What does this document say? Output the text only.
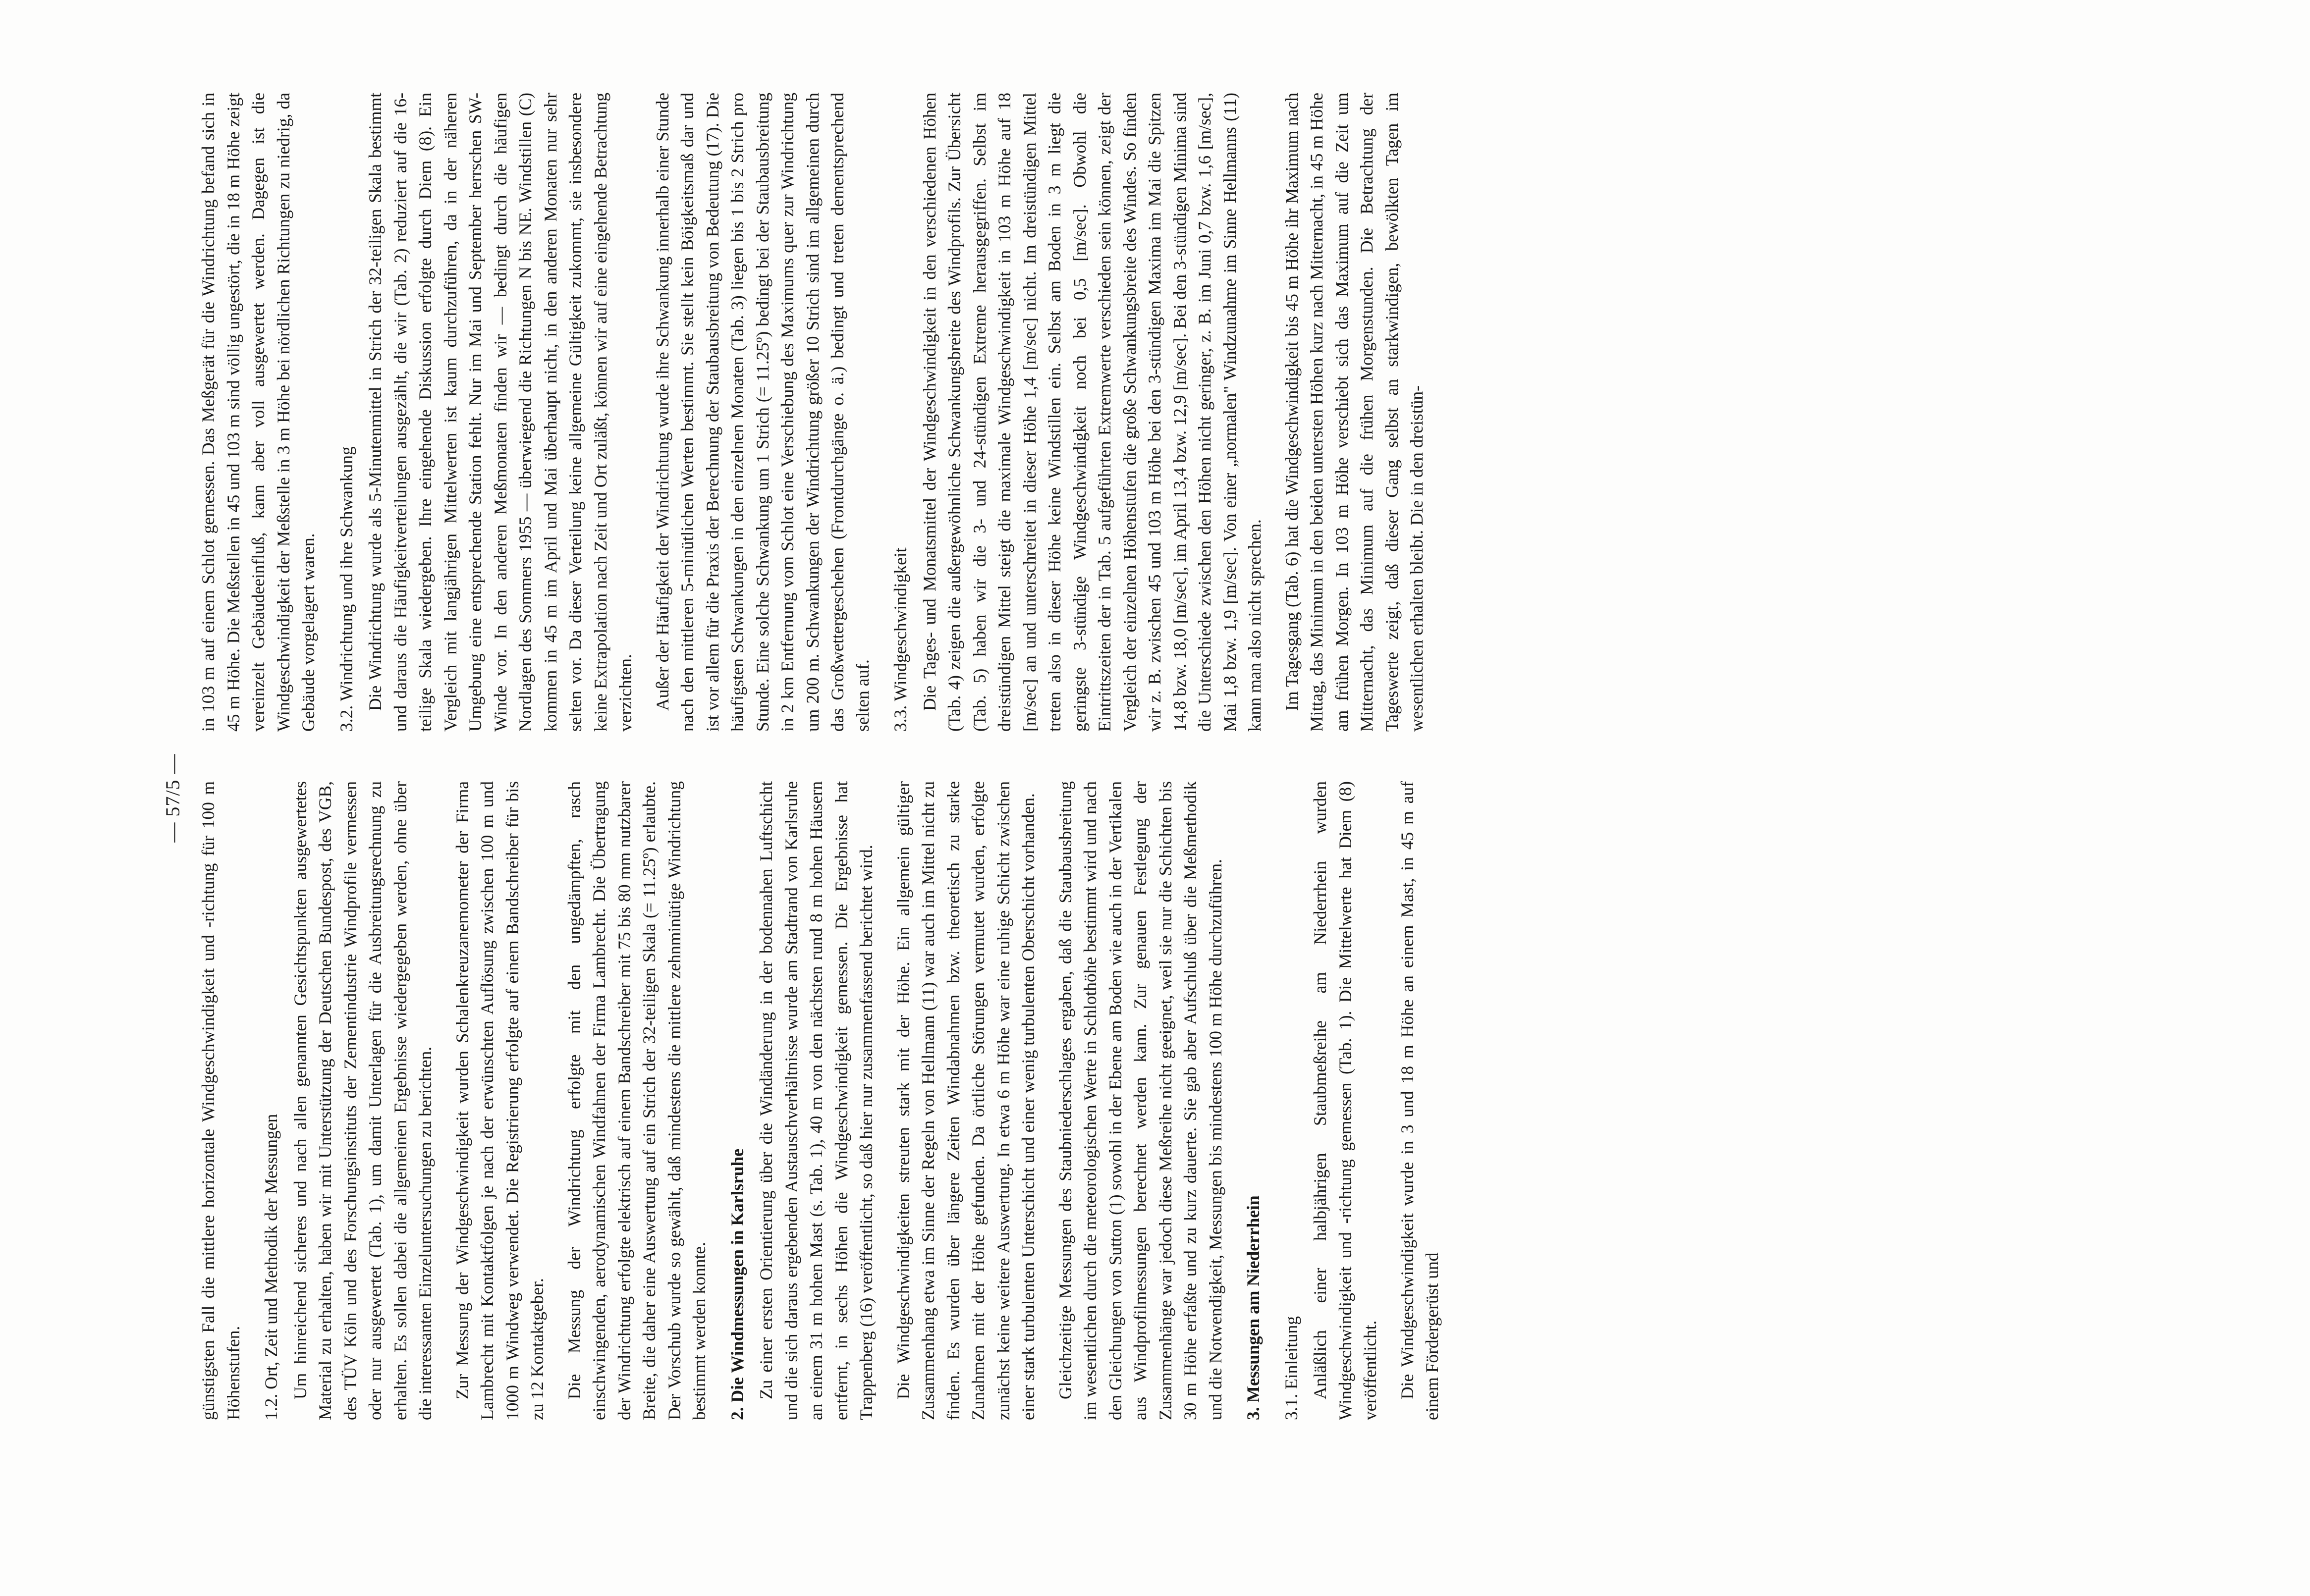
— 57/5 — günstigsten Fall die mittlere horizontale Windgeschwindigkeit und -richtung für 100 m Höhenstufen. 1.2. Ort, Zeit und Methodik der Messungen Um hinreichend sicheres und nach allen genannten Gesichtspunkten ausgewertetes Material zu erhalten, haben wir mit Unterstützung der Deutschen Bundespost, des VGB, des TÜV Köln und des Forschungsinstituts der Zementindustrie Windprofile vermessen oder nur ausgewertet (Tab. 1), um damit Unterlagen für die Ausbreitungsrechnung zu erhalten. Es sollen dabei die allgemeinen Ergebnisse wiedergegeben werden, ohne über die interessanten Einzeluntersuchungen zu berichten. Zur Messung der Windgeschwindigkeit wurden Schalenkreuzanemometer der Firma Lambrecht mit Kontaktfolgen je nach der erwünschten Auflösung zwischen 100 m und 1000 m Windweg verwendet. Die Registrierung erfolgte auf einem Bandschreiber für bis zu 12 Kontaktgeber. Die Messung der Windrichtung erfolgte mit den ungedämpften, rasch einschwingenden, aerodynamischen Windfahnen der Firma Lambrecht. Die Übertragung der Windrichtung erfolgte elektrisch auf einem Bandschreiber mit 75 bis 80 mm nutzbarer Breite, die daher eine Auswertung auf ein Strich der 32-teiligen Skala (= 11.25º) erlaubte. Der Vorschub wurde so gewählt, daß mindestens die mittlere zehnminütige Windrichtung bestimmt werden konnte. 2. Die Windmessungen in Karlsruhe Zu einer ersten Orientierung über die Windänderung in der bodennahen Luftschicht und die sich daraus ergebenden Austauschverhältnisse wurde am Stadtrand von Karlsruhe an einem 31 m hohen Mast (s. Tab. 1), 40 m von den nächsten rund 8 m hohen Häusern entfernt, in sechs Höhen die Windgeschwindigkeit gemessen. Die Ergebnisse hat Trappenberg (16) veröffentlicht, so daß hier nur zusammenfassend berichtet wird. Die Windgeschwindigkeiten streuten stark mit der Höhe. Ein allgemein gültiger Zusammenhang etwa im Sinne der Regeln von Hellmann (11) war auch im Mittel nicht zu finden. Es wurden über längere Zeiten Windabnahmen bzw. theoretisch zu starke Zunahmen mit der Höhe gefunden. Da örtliche Störungen vermutet wurden, erfolgte zunächst keine weitere Auswertung. In etwa 6 m Höhe war eine ruhige Schicht zwischen einer stark turbulenten Unterschicht und einer wenig turbulenten Oberschicht vorhanden. Gleichzeitige Messungen des Staubniederschlages ergaben, daß die Staubausbreitung im wesentlichen durch die meteorologischen Werte in Schlothöhe bestimmt wird und nach den Gleichungen von Sutton (1) sowohl in der Ebene am Boden wie auch in der Vertikalen aus Windprofilmessungen berechnet werden kann. Zur genauen Festlegung der Zusammenhänge war jedoch diese Meßreihe nicht geeignet, weil sie nur die Schichten bis 30 m Höhe erfaßte und zu kurz dauerte. Sie gab aber Aufschluß über die Meßmethodik und die Notwendigkeit, Messungen bis mindestens 100 m Höhe durchzuführen. 3. Messungen am Niederrhein 3.1. Einleitung Anläßlich einer halbjährigen Staubmeßreihe am Niederrhein wurden Windgeschwindigkeit und -richtung gemessen (Tab. 1). Die Mittelwerte hat Diem (8) veröffentlicht. Die Windgeschwindigkeit wurde in 3 und 18 m Höhe an einem Mast, in 45 m auf einem Fördergerüst und

in 103 m auf einem Schlot gemessen. Das Meßgerät für die Windrichtung befand sich in 45 m Höhe. Die Meßstellen in 45 und 103 m sind völlig ungestört, die in 18 m Höhe zeigt vereinzelt Gebäudeeinfluß, kann aber voll ausgewertet werden. Dagegen ist die Windgeschwindigkeit der Meßstelle in 3 m Höhe bei nördlichen Richtungen zu niedrig, da Gebäude vorgelagert waren. 3.2. Windrichtung und ihre Schwankung Die Windrichtung wurde als 5-Minutenmittel in Strich der 32-teiligen Skala bestimmt und daraus die Häufigkeitverteilungen ausgezählt, die wir (Tab. 2) reduziert auf die 16-teilige Skala wiedergeben. Ihre eingehende Diskussion erfolgte durch Diem (8). Ein Vergleich mit langjährigen Mittelwerten ist kaum durchzuführen, da in der näheren Umgebung eine entsprechende Station fehlt. Nur im Mai und September herrschen SW-Winde vor. In den anderen Meßmonaten finden wir — bedingt durch die häufigen Nordlagen des Sommers 1955 — überwiegend die Richtungen N bis NE. Windstillen (C) kommen in 45 m im April und Mai überhaupt nicht, in den anderen Monaten nur sehr selten vor. Da dieser Verteilung keine allgemeine Gültigkeit zukommt, sie insbesondere keine Extrapolation nach Zeit und Ort zuläßt, können wir auf eine eingehende Betrachtung verzichten. Außer der Häufigkeit der Windrichtung wurde ihre Schwankung innerhalb einer Stunde nach den mittleren 5-minütlichen Werten bestimmt. Sie stellt kein Böigkeitsmaß dar und ist vor allem für die Praxis der Berechnung der Staubausbreitung von Bedeutung (17). Die häufigsten Schwankungen in den einzelnen Monaten (Tab. 3) liegen bis 1 bis 2 Strich pro Stunde. Eine solche Schwankung um 1 Strich (= 11.25º) bedingt bei der Staubausbreitung in 2 km Entfernung vom Schlot eine Verschiebung des Maximums quer zur Windrichtung um 200 m. Schwankungen der Windrichtung größer 10 Strich sind im allgemeinen durch das Großwettergeschehen (Frontdurchgänge o. ä.) bedingt und treten dementsprechend selten auf. 3.3. Windgeschwindigkeit Die Tages- und Monatsmittel der Windgeschwindigkeit in den verschiedenen Höhen (Tab. 4) zeigen die außergewöhnliche Schwankungsbreite des Windprofils. Zur Übersicht (Tab. 5) haben wir die 3- und 24-stündigen Extreme herausgegriffen. Selbst im dreistündigen Mittel steigt die maximale Windgeschwindigkeit in 103 m Höhe auf 18 [m/sec] an und unterschreitet in dieser Höhe 1,4 [m/sec] nicht. Im dreistündigen Mittel treten also in dieser Höhe keine Windstillen ein. Selbst am Boden in 3 m liegt die geringste 3-stündige Windgeschwindigkeit noch bei 0,5 [m/sec]. Obwohl die Eintrittszeiten der in Tab. 5 aufgeführten Extremwerte verschieden sein können, zeigt der Vergleich der einzelnen Höhenstufen die große Schwankungsbreite des Windes. So finden wir z. B. zwischen 45 und 103 m Höhe bei den 3-stündigen Maxima im Mai die Spitzen 14,8 bzw. 18,0 [m/sec], im April 13,4 bzw. 12,9 [m/sec]. Bei den 3-stündigen Minima sind die Unterschiede zwischen den Höhen nicht geringer, z. B. im Juni 0,7 bzw. 1,6 [m/sec], Mai 1,8 bzw. 1,9 [m/sec]. Von einer „normalen" Windzunahme im Sinne Hellmanns (11) kann man also nicht sprechen. Im Tagesgang (Tab. 6) hat die Windgeschwindigkeit bis 45 m Höhe ihr Maximum nach Mittag, das Minimum in den beiden untersten Höhen kurz nach Mitternacht, in 45 m Höhe am frühen Morgen. In 103 m Höhe verschiebt sich das Maximum auf die Zeit um Mitternacht, das Minimum auf die frühen Morgenstunden. Die Betrachtung der Tageswerte zeigt, daß dieser Gang selbst an starkwindigen, bewölkten Tagen im wesentlichen erhalten bleibt. Die in den dreistün-
